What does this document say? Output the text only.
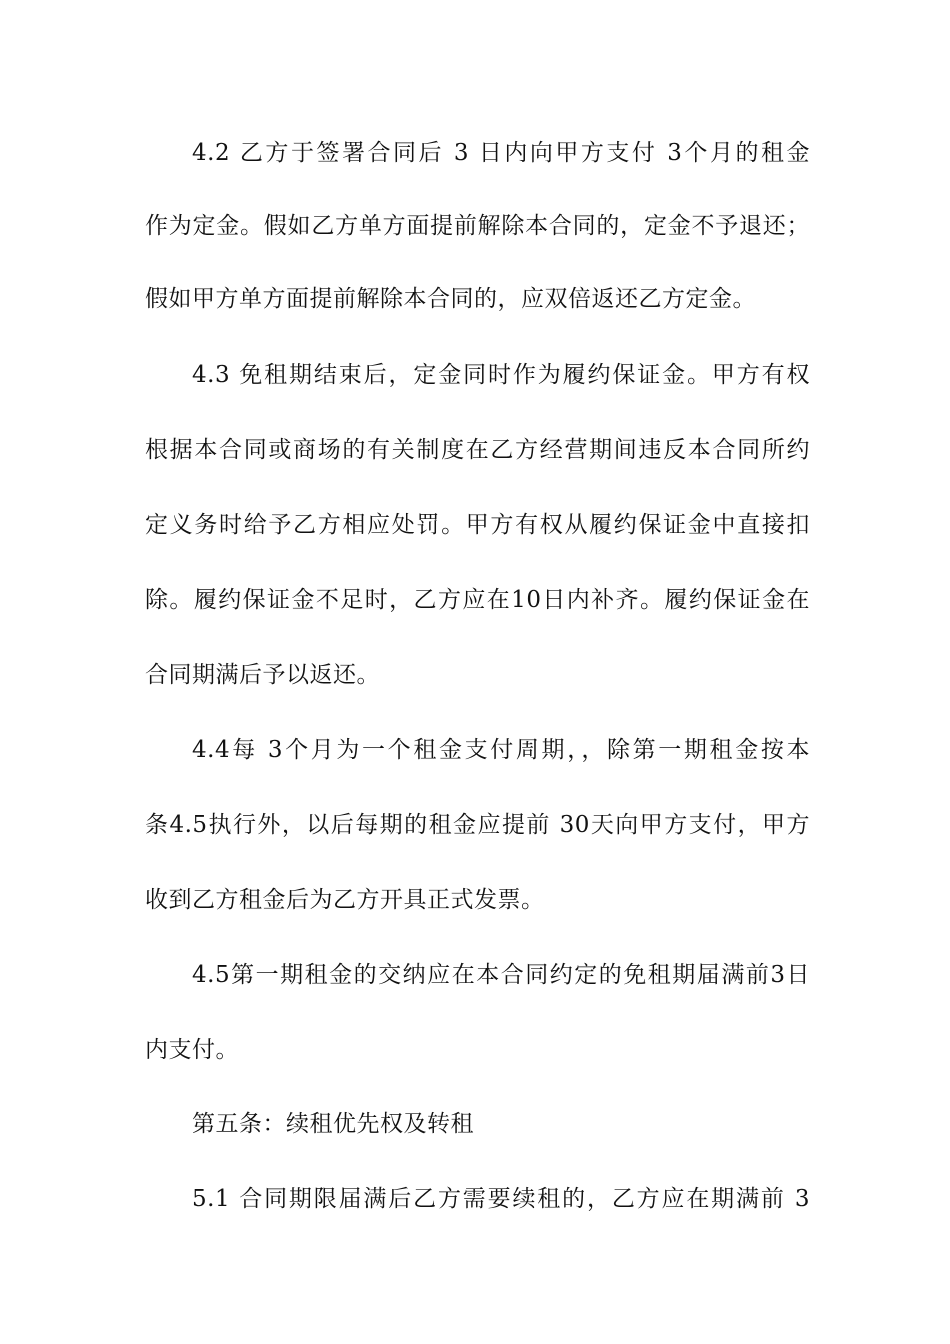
4.2 乙方于签署合同后 3 日内向甲方支付 3个月的租金
作为定金。假如乙方单方面提前解除本合同的，定金不予退还；
假如甲方单方面提前解除本合同的，应双倍返还乙方定金。
4.3 免租期结束后，定金同时作为履约保证金。甲方有权
根据本合同或商场的有关制度在乙方经营期间违反本合同所约
定义务时给予乙方相应处罚。甲方有权从履约保证金中直接扣
除。履约保证金不足时，乙方应在10日内补齐。履约保证金在
合同期满后予以返还。
4.4每 3个月为一个租金支付周期，，除第一期租金按本
条4.5执行外，以后每期的租金应提前 30天向甲方支付，甲方
收到乙方租金后为乙方开具正式发票。
4.5第一期租金的交纳应在本合同约定的免租期届满前3日
内支付。
第五条：续租优先权及转租
5.1 合同期限届满后乙方需要续租的，乙方应在期满前 3
